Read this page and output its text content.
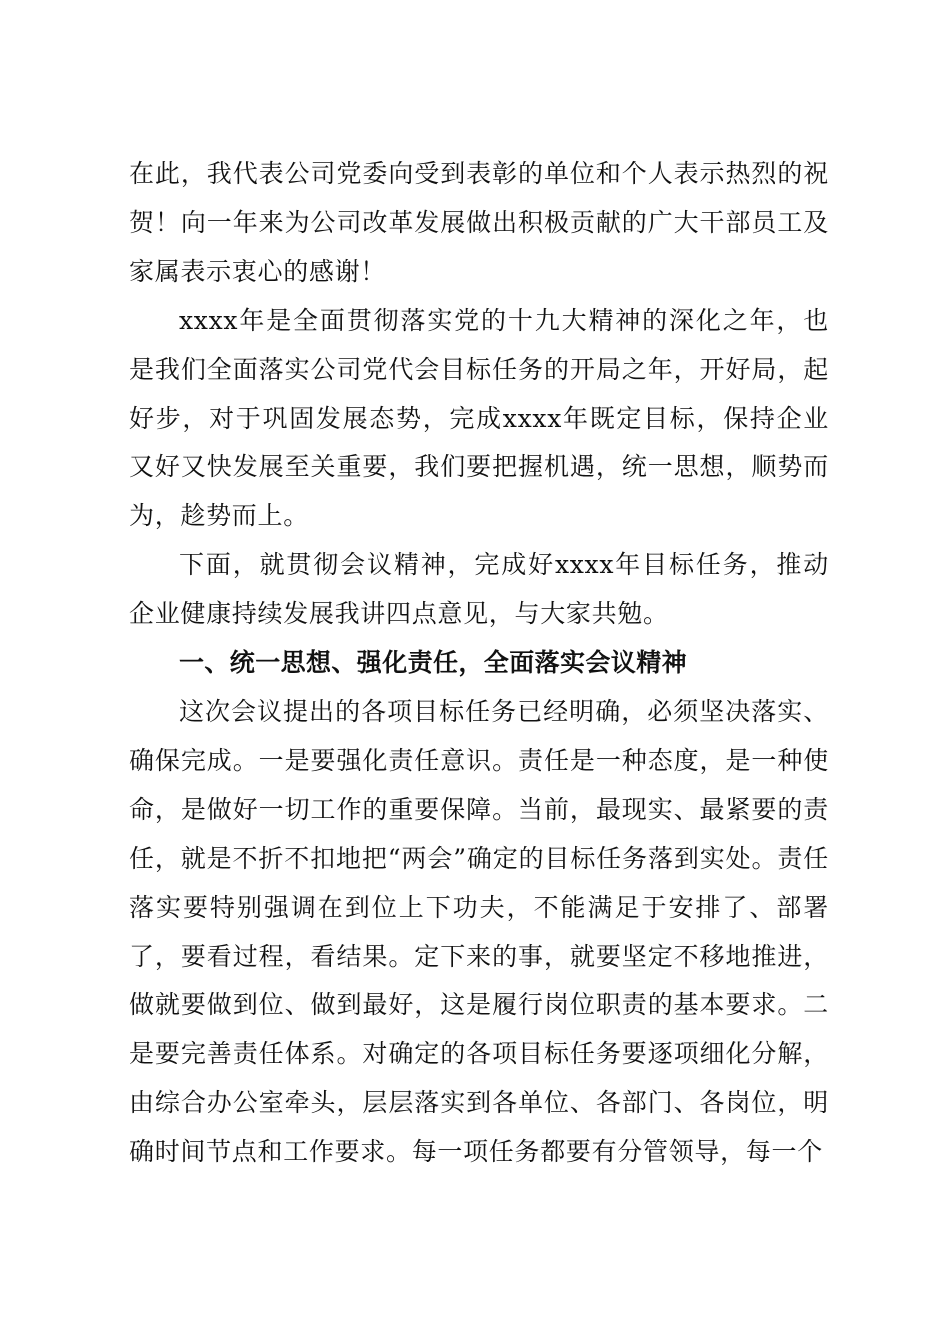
在此，我代表公司党委向受到表彰的单位和个人表示热烈的祝贺！向一年来为公司改革发展做出积极贡献的广大干部员工及家属表示衷心的感谢！

xxxx年是全面贯彻落实党的十九大精神的深化之年，也是我们全面落实公司党代会目标任务的开局之年，开好局，起好步，对于巩固发展态势，完成xxxx年既定目标，保持企业又好又快发展至关重要，我们要把握机遇，统一思想，顺势而为，趁势而上。

下面，就贯彻会议精神，完成好xxxx年目标任务，推动企业健康持续发展我讲四点意见，与大家共勉。

一、统一思想、强化责任，全面落实会议精神

这次会议提出的各项目标任务已经明确，必须坚决落实、确保完成。一是要强化责任意识。责任是一种态度，是一种使命，是做好一切工作的重要保障。当前，最现实、最紧要的责任，就是不折不扣地把“两会”确定的目标任务落到实处。责任落实要特别强调在到位上下功夫，不能满足于安排了、部署了，要看过程，看结果。定下来的事，就要坚定不移地推进，做就要做到位、做到最好，这是履行岗位职责的基本要求。二是要完善责任体系。对确定的各项目标任务要逐项细化分解，由综合办公室牵头，层层落实到各单位、各部门、各岗位，明确时间节点和工作要求。每一项任务都要有分管领导，每一个
